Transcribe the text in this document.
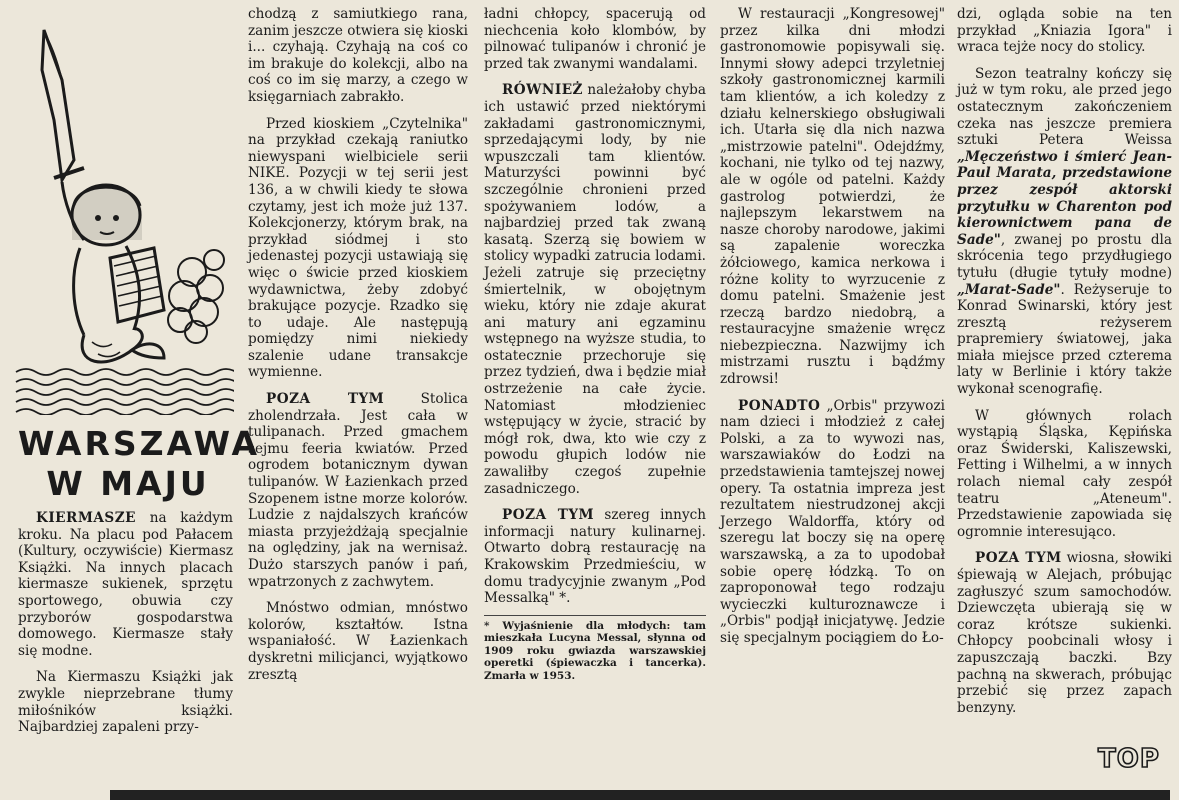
WARSZAWA
W MAJU

KIERMASZE na każdym kroku. Na placu pod Pałacem (Kultury, oczywiście) Kiermasz Książki. Na innych placach kiermasze sukienek, sprzętu sportowego, obuwia czy przyborów gospodarstwa domowego. Kiermasze stały się modne.

Na Kiermaszu Książki jak zwykle nieprzebrane tłumy miłośników książki. Najbardziej zapaleni przy-

chodzą z samiutkiego rana, zanim jeszcze otwiera się kioski i... czyhają. Czyhają na coś co im brakuje do kolekcji, albo na coś co im się marzy, a czego w księgarniach zabrakło.

Przed kioskiem „Czytelnika" na przykład czekają raniutko niewyspani wielbiciele serii NIKE. Pozycji w tej serii jest 136, a w chwili kiedy te słowa czytamy, jest ich może już 137. Kolekcjonerzy, którym brak, na przykład siódmej i sto jedenastej pozycji ustawiają się więc o świcie przed kioskiem wydawnictwa, żeby zdobyć brakujące pozycje. Rzadko się to udaje. Ale następują pomiędzy nimi niekiedy szalenie udane transakcje wymienne.

POZA TYM Stolica zholendrzała. Jest cała w tulipanach. Przed gmachem sejmu feeria kwiatów. Przed ogrodem botanicznym dywan tulipanów. W Łazienkach przed Szopenem istne morze kolorów. Ludzie z najdalszych krańców miasta przyjeżdżają specjalnie na oględziny, jak na wernisaż. Dużo starszych panów i pań, wpatrzonych z zachwytem.

Mnóstwo odmian, mnóstwo kolorów, kształtów. Istna wspaniałość. W Łazienkach dyskretni milicjanci, wyjątkowo zresztą

ładni chłopcy, spacerują od niechcenia koło klombów, by pilnować tulipanów i chronić je przed tak zwanymi wandalami.

RÓWNIEŻ należałoby chyba ich ustawić przed niektórymi zakładami gastronomicznymi, sprzedającymi lody, by nie wpuszczali tam klientów. Maturzyści powinni być szczególnie chronieni przed spożywaniem lodów, a najbardziej przed tak zwaną kasatą. Szerzą się bowiem w stolicy wypadki zatrucia lodami. Jeżeli zatruje się przeciętny śmiertelnik, w obojętnym wieku, który nie zdaje akurat ani matury ani egzaminu wstępnego na wyższe studia, to ostatecznie przechoruje się przez tydzień, dwa i będzie miał ostrzeżenie na całe życie. Natomiast młodzieniec wstępujący w życie, stracić by mógł rok, dwa, kto wie czy z powodu głupich lodów nie zawaliłby czegoś zupełnie zasadniczego.

POZA TYM szereg innych informacji natury kulinarnej. Otwarto dobrą restaurację na Krakowskim Przedmieściu, w domu tradycyjnie zwanym „Pod Messalką" *.

* Wyjaśnienie dla młodych: tam mieszkała Lucyna Messal, słynna od 1909 roku gwiazda warszawskiej operetki (śpiewaczka i tancerka). Zmarła w 1953.

W restauracji „Kongresowej" przez kilka dni młodzi gastronomowie popisywali się. Innymi słowy adepci trzyletniej szkoły gastronomicznej karmili tam klientów, a ich koledzy z działu kelnerskiego obsługiwali ich. Utarła się dla nich nazwa „mistrzowie patelni". Odejdźmy, kochani, nie tylko od tej nazwy, ale w ogóle od patelni. Każdy gastrolog potwierdzi, że najlepszym lekarstwem na nasze choroby narodowe, jakimi są zapalenie woreczka żółciowego, kamica nerkowa i różne kolity to wyrzucenie z domu patelni. Smażenie jest rzeczą bardzo niedobrą, a restauracyjne smażenie wręcz niebezpieczna. Nazwijmy ich mistrzami rusztu i bądźmy zdrowsi!

PONADTO „Orbis" przywozi nam dzieci i młodzież z całej Polski, a za to wywozi nas, warszawiaków do Łodzi na przedstawienia tamtejszej nowej opery. Ta ostatnia impreza jest rezultatem niestrudzonej akcji Jerzego Waldorffa, który od szeregu lat boczy się na operę warszawską, a za to upodobał sobie operę łódzką. To on zaproponował tego rodzaju wycieczki kulturoznawcze i „Orbis" podjął inicjatywę. Jedzie się specjalnym pociągiem do Ło-

dzi, ogląda sobie na ten przykład „Kniazia Igora" i wraca tejże nocy do stolicy.

Sezon teatralny kończy się już w tym roku, ale przed jego ostatecznym zakończeniem czeka nas jeszcze premiera sztuki Petera Weissa „Męczeństwo i śmierć Jean-Paul Marata, przedstawione przez zespół aktorski przytułku w Charenton pod kierownictwem pana de Sade", zwanej po prostu dla skrócenia tego przydługiego tytułu (długie tytuły modne) „Marat-Sade". Reżyseruje to Konrad Swinarski, który jest zresztą reżyserem prapremiery światowej, jaka miała miejsce przed czterema laty w Berlinie i który także wykonał scenografię.

W głównych rolach wystąpią Śląska, Kępińska oraz Świderski, Kaliszewski, Fetting i Wilhelmi, a w innych rolach niemal cały zespół teatru „Ateneum". Przedstawienie zapowiada się ogromnie interesująco.

POZA TYM wiosna, słowiki śpiewają w Alejach, próbując zagłuszyć szum samochodów. Dziewczęta ubierają się w coraz krótsze sukienki. Chłopcy poobcinali włosy i zapuszczają baczki. Bzy pachną na skwerach, próbując przebić się przez zapach benzyny.

TOP
